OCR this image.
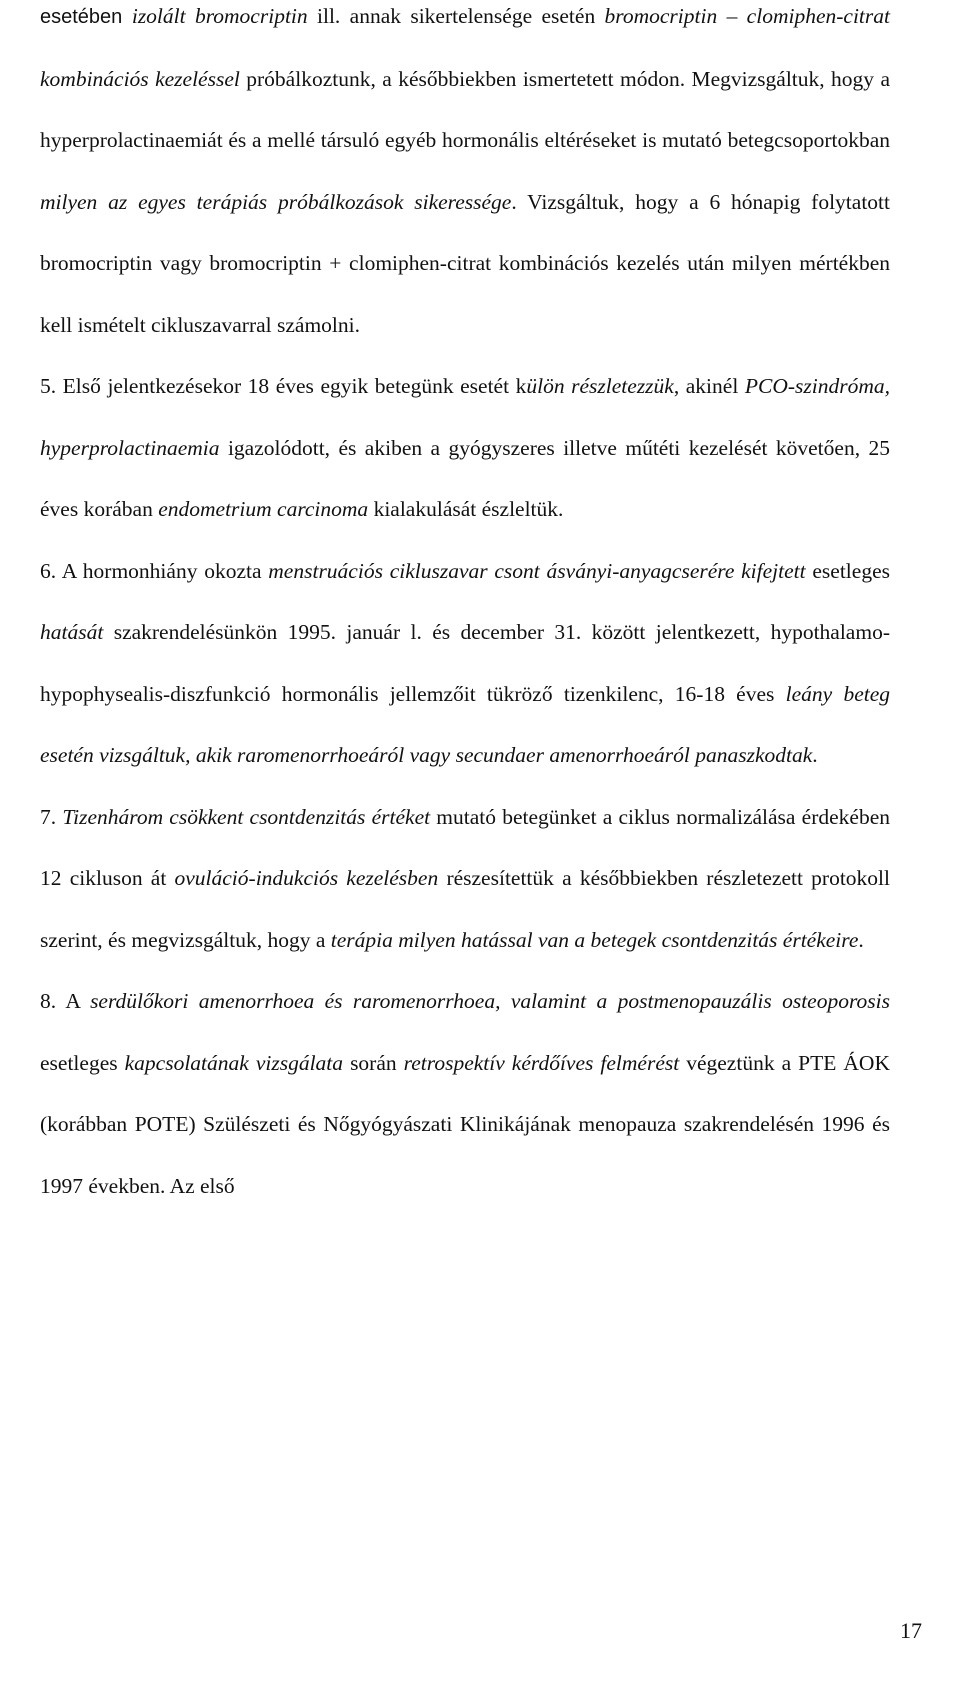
esetében izolált bromocriptin ill. annak sikertelensége esetén bromocriptin – clomiphen-citrat kombinációs kezeléssel próbálkoztunk, a későbbiekben ismertetett módon. Megvizsgáltuk, hogy a hyperprolactinaemiát és a mellé társuló egyéb hormonális eltéréseket is mutató betegcsoportokban milyen az egyes terápiás próbálkozások sikeressége. Vizsgáltuk, hogy a 6 hónapig folytatott bromocriptin vagy bromocriptin + clomiphen-citrat kombinációs kezelés után milyen mértékben kell ismételt cikluszavarral számolni.

5. Első jelentkezésekor 18 éves egyik betegünk esetét külön részletezzük, akinél PCO-szindróma, hyperprolactinaemia igazolódott, és akiben a gyógyszeres illetve műtéti kezelését követően, 25 éves korában endometrium carcinoma kialakulását észleltük.

6. A hormonhiány okozta menstruációs cikluszavar csont ásványi-anyagcserére kifejtett esetleges hatását szakrendelésünkön 1995. január l. és december 31. között jelentkezett, hypothalamo-hypophysealis-diszfunkció hormonális jellemzőit tükröző tizenkilenc, 16-18 éves leány beteg esetén vizsgáltuk, akik raromenorrhoeáról vagy secundaer amenorrhoeáról panaszkodtak.

7. Tizenhárom csökkent csontdenzitás értéket mutató betegünket a ciklus normalizálása érdekében 12 cikluson át ovuláció-indukciós kezelésben részesítettük a későbbiekben részletezett protokoll szerint, és megvizsgáltuk, hogy a terápia milyen hatással van a betegek csontdenzitás értékeire.

8. A serdülőkori amenorrhoea és raromenorrhoea, valamint a postmenopauzális osteoporosis esetleges kapcsolatának vizsgálata során retrospektív kérdőíves felmérést végeztünk a PTE ÁOK (korábban POTE) Szülészeti és Nőgyógyászati Klinikájának menopauza szakrendelésén 1996 és 1997 években. Az első

17
